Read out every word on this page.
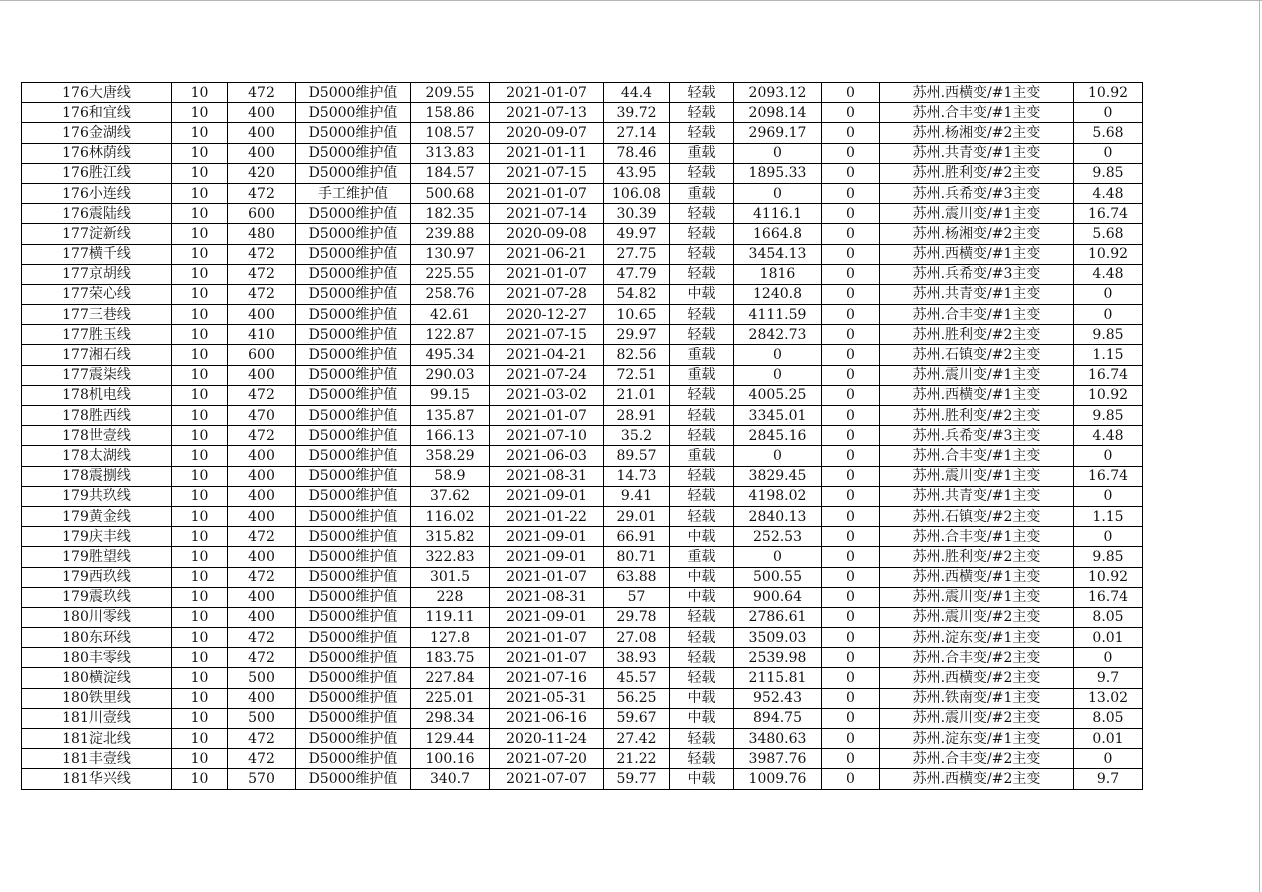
176大唐线	10	472	D5000维护值	209.55	2021-01-07	44.4	轻载	2093.12	0	苏州.西横变/#1主变	10.92
176和宜线	10	400	D5000维护值	158.86	2021-07-13	39.72	轻载	2098.14	0	苏州.合丰变/#1主变	0
176金湖线	10	400	D5000维护值	108.57	2020-09-07	27.14	轻载	2969.17	0	苏州.杨湘变/#2主变	5.68
176林荫线	10	400	D5000维护值	313.83	2021-01-11	78.46	重载	0	0	苏州.共青变/#1主变	0
176胜江线	10	420	D5000维护值	184.57	2021-07-15	43.95	轻载	1895.33	0	苏州.胜利变/#2主变	9.85
176小连线	10	472	手工维护值	500.68	2021-01-07	106.08	重载	0	0	苏州.兵希变/#3主变	4.48
176震陆线	10	600	D5000维护值	182.35	2021-07-14	30.39	轻载	4116.1	0	苏州.震川变/#1主变	16.74
177淀新线	10	480	D5000维护值	239.88	2020-09-08	49.97	轻载	1664.8	0	苏州.杨湘变/#2主变	5.68
177横千线	10	472	D5000维护值	130.97	2021-06-21	27.75	轻载	3454.13	0	苏州.西横变/#1主变	10.92
177京胡线	10	472	D5000维护值	225.55	2021-01-07	47.79	轻载	1816	0	苏州.兵希变/#3主变	4.48
177荣心线	10	472	D5000维护值	258.76	2021-07-28	54.82	中载	1240.8	0	苏州.共青变/#1主变	0
177三巷线	10	400	D5000维护值	42.61	2020-12-27	10.65	轻载	4111.59	0	苏州.合丰变/#1主变	0
177胜玉线	10	410	D5000维护值	122.87	2021-07-15	29.97	轻载	2842.73	0	苏州.胜利变/#2主变	9.85
177湘石线	10	600	D5000维护值	495.34	2021-04-21	82.56	重载	0	0	苏州.石镇变/#2主变	1.15
177震柒线	10	400	D5000维护值	290.03	2021-07-24	72.51	重载	0	0	苏州.震川变/#1主变	16.74
178机电线	10	472	D5000维护值	99.15	2021-03-02	21.01	轻载	4005.25	0	苏州.西横变/#1主变	10.92
178胜西线	10	470	D5000维护值	135.87	2021-01-07	28.91	轻载	3345.01	0	苏州.胜利变/#2主变	9.85
178世壹线	10	472	D5000维护值	166.13	2021-07-10	35.2	轻载	2845.16	0	苏州.兵希变/#3主变	4.48
178太湖线	10	400	D5000维护值	358.29	2021-06-03	89.57	重载	0	0	苏州.合丰变/#1主变	0
178震捌线	10	400	D5000维护值	58.9	2021-08-31	14.73	轻载	3829.45	0	苏州.震川变/#1主变	16.74
179共玖线	10	400	D5000维护值	37.62	2021-09-01	9.41	轻载	4198.02	0	苏州.共青变/#1主变	0
179黄金线	10	400	D5000维护值	116.02	2021-01-22	29.01	轻载	2840.13	0	苏州.石镇变/#2主变	1.15
179庆丰线	10	472	D5000维护值	315.82	2021-09-01	66.91	中载	252.53	0	苏州.合丰变/#1主变	0
179胜望线	10	400	D5000维护值	322.83	2021-09-01	80.71	重载	0	0	苏州.胜利变/#2主变	9.85
179西玖线	10	472	D5000维护值	301.5	2021-01-07	63.88	中载	500.55	0	苏州.西横变/#1主变	10.92
179震玖线	10	400	D5000维护值	228	2021-08-31	57	中载	900.64	0	苏州.震川变/#1主变	16.74
180川零线	10	400	D5000维护值	119.11	2021-09-01	29.78	轻载	2786.61	0	苏州.震川变/#2主变	8.05
180东环线	10	472	D5000维护值	127.8	2021-01-07	27.08	轻载	3509.03	0	苏州.淀东变/#1主变	0.01
180丰零线	10	472	D5000维护值	183.75	2021-01-07	38.93	轻载	2539.98	0	苏州.合丰变/#2主变	0
180横淀线	10	500	D5000维护值	227.84	2021-07-16	45.57	轻载	2115.81	0	苏州.西横变/#2主变	9.7
180铁里线	10	400	D5000维护值	225.01	2021-05-31	56.25	中载	952.43	0	苏州.铁南变/#1主变	13.02
181川壹线	10	500	D5000维护值	298.34	2021-06-16	59.67	中载	894.75	0	苏州.震川变/#2主变	8.05
181淀北线	10	472	D5000维护值	129.44	2020-11-24	27.42	轻载	3480.63	0	苏州.淀东变/#1主变	0.01
181丰壹线	10	472	D5000维护值	100.16	2021-07-20	21.22	轻载	3987.76	0	苏州.合丰变/#2主变	0
181华兴线	10	570	D5000维护值	340.7	2021-07-07	59.77	中载	1009.76	0	苏州.西横变/#2主变	9.7
